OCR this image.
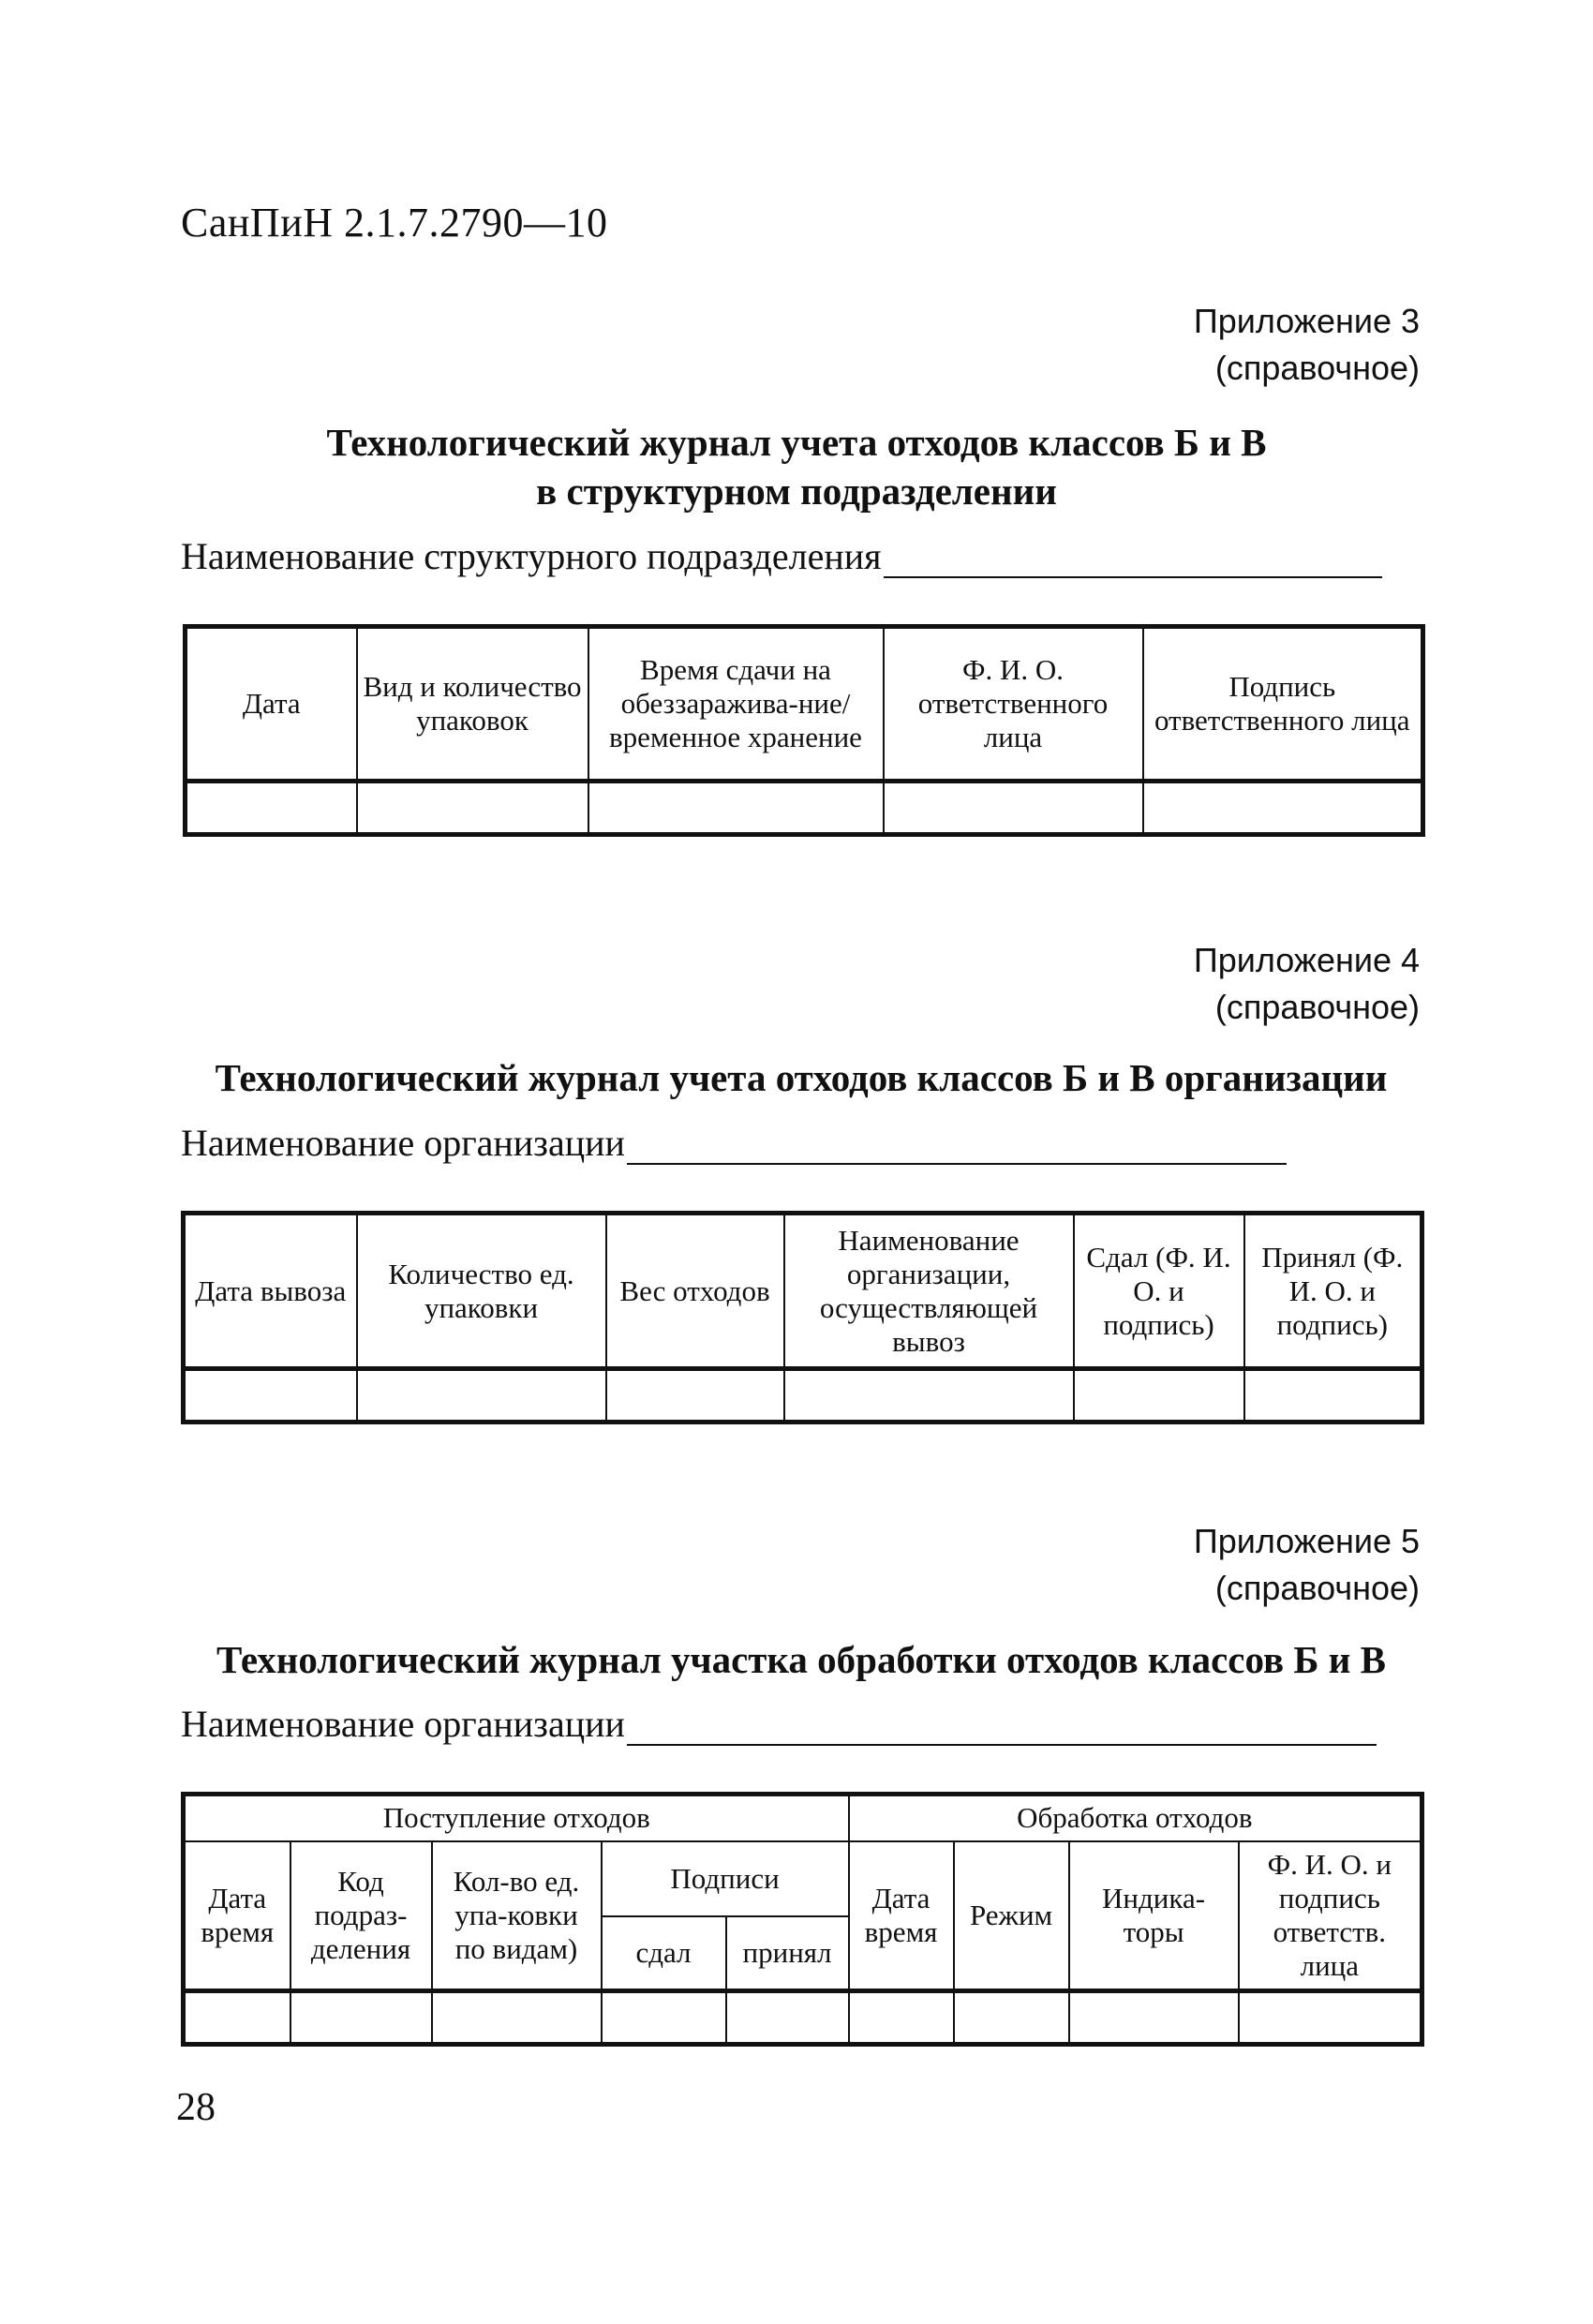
СанПиН 2.1.7.2790—10
Приложение 3
(справочное)
Технологический журнал учета отходов классов Б и В
в структурном подразделении
Наименование структурного подразделения
Дата	Вид и количество упаковок	Время сдачи на обеззаражива-ние/временное хранение	Ф. И. О. ответственного лица	Подпись ответственного лица

Приложение 4
(справочное)
Технологический журнал учета отходов классов Б и В организации
Наименование организации
Дата вывоза	Количество ед. упаковки	Вес отходов	Наименование организации, осуществляющей вывоз	Сдал (Ф. И. О. и подпись)	Принял (Ф. И. О. и подпись)

Приложение 5
(справочное)
Технологический журнал участка обработки отходов классов Б и В
Наименование организации
Поступление отходов					Обработка отходов			
Дата время	Код подраз-деления	Кол-во ед. упа-ковки по видам)	Подписи		Дата время	Режим	Индика-торы	Ф. И. О. и подпись ответств. лица
			сдал	принял				

28
